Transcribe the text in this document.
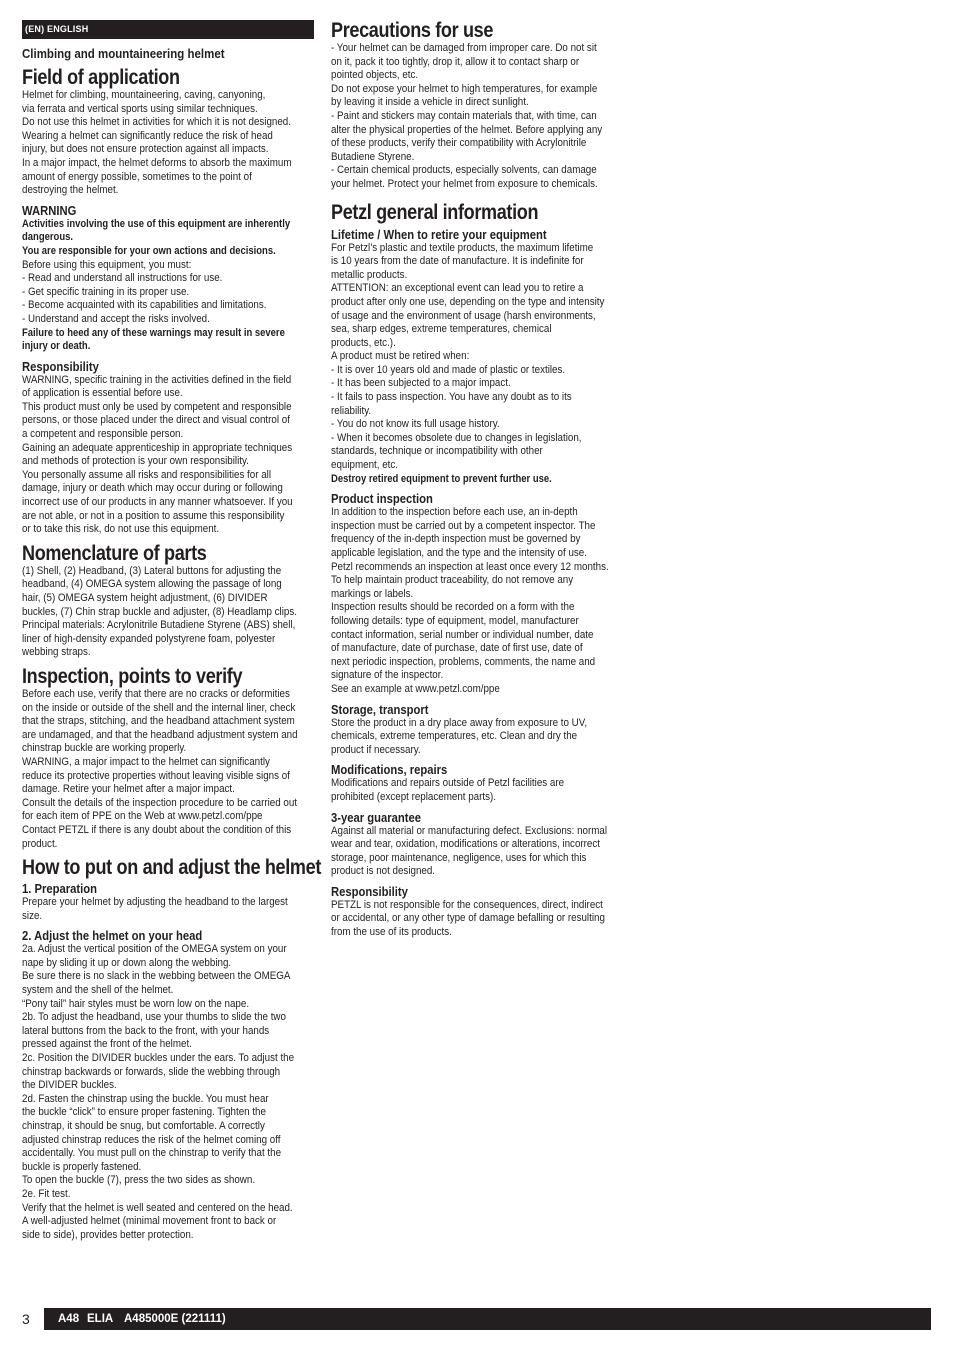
(EN) ENGLISH
Climbing and mountaineering helmet
Field of application

Helmet for climbing, mountaineering, caving, canyoning,

via ferrata and vertical sports using similar techniques.

Do not use this helmet in activities for which it is not designed.

Wearing a helmet can significantly reduce the risk of head

injury, but does not ensure protection against all impacts.

In a major impact, the helmet deforms to absorb the maximum

amount of energy possible, sometimes to the point of

destroying the helmet.

WARNING

Activities involving the use of this equipment are inherently

dangerous.

You are responsible for your own actions and decisions.

Before using this equipment, you must:

- Read and understand all instructions for use.

- Get specific training in its proper use.

- Become acquainted with its capabilities and limitations.

- Understand and accept the risks involved.

Failure to heed any of these warnings may result in severe

injury or death.

Responsibility

WARNING, specific training in the activities defined in the field

of application is essential before use.

This product must only be used by competent and responsible

persons, or those placed under the direct and visual control of

a competent and responsible person.

Gaining an adequate apprenticeship in appropriate techniques

and methods of protection is your own responsibility.

You personally assume all risks and responsibilities for all

damage, injury or death which may occur during or following

incorrect use of our products in any manner whatsoever. If you

are not able, or not in a position to assume this responsibility

or to take this risk, do not use this equipment.

Nomenclature of parts

(1) Shell, (2) Headband, (3) Lateral buttons for adjusting the

headband, (4) OMEGA system allowing the passage of long

hair, (5) OMEGA system height adjustment, (6) DIVIDER

buckles, (7) Chin strap buckle and adjuster, (8) Headlamp clips.

Principal materials: Acrylonitrile Butadiene Styrene (ABS) shell,

liner of high-density expanded polystyrene foam, polyester

webbing straps.

Inspection, points to verify

Before each use, verify that there are no cracks or deformities

on the inside or outside of the shell and the internal liner, check

that the straps, stitching, and the headband attachment system

are undamaged, and that the headband adjustment system and

chinstrap buckle are working properly.

WARNING, a major impact to the helmet can significantly

reduce its protective properties without leaving visible signs of

damage. Retire your helmet after a major impact.

Consult the details of the inspection procedure to be carried out

for each item of PPE on the Web at www.petzl.com/ppe

Contact PETZL if there is any doubt about the condition of this

product.

How to put on and adjust the helmet
1. Preparation

Prepare your helmet by adjusting the headband to the largest

size.

2. Adjust the helmet on your head

2a. Adjust the vertical position of the OMEGA system on your

nape by sliding it up or down along the webbing.

Be sure there is no slack in the webbing between the OMEGA

system and the shell of the helmet.

“Pony tail” hair styles must be worn low on the nape.

2b. To adjust the headband, use your thumbs to slide the two

lateral buttons from the back to the front, with your hands

pressed against the front of the helmet.

2c. Position the DIVIDER buckles under the ears. To adjust the

chinstrap backwards or forwards, slide the webbing through

the DIVIDER buckles.

2d. Fasten the chinstrap using the buckle. You must hear

the buckle “click” to ensure proper fastening. Tighten the

chinstrap, it should be snug, but comfortable. A correctly

adjusted chinstrap reduces the risk of the helmet coming off

accidentally. You must pull on the chinstrap to verify that the

buckle is properly fastened.

To open the buckle (7), press the two sides as shown.

2e. Fit test.

Verify that the helmet is well seated and centered on the head.

A well-adjusted helmet (minimal movement front to back or

side to side), provides better protection.

Precautions for use

- Your helmet can be damaged from improper care. Do not sit

on it, pack it too tightly, drop it, allow it to contact sharp or

pointed objects, etc.

Do not expose your helmet to high temperatures, for example

by leaving it inside a vehicle in direct sunlight.

- Paint and stickers may contain materials that, with time, can

alter the physical properties of the helmet. Before applying any

of these products, verify their compatibility with Acrylonitrile

Butadiene Styrene.

- Certain chemical products, especially solvents, can damage

your helmet. Protect your helmet from exposure to chemicals.

Petzl general information
Lifetime / When to retire your equipment

For Petzl’s plastic and textile products, the maximum lifetime

is 10 years from the date of manufacture. It is indefinite for

metallic products.

ATTENTION: an exceptional event can lead you to retire a

product after only one use, depending on the type and intensity

of usage and the environment of usage (harsh environments,

sea, sharp edges, extreme temperatures, chemical

products, etc.).

A product must be retired when:

- It is over 10 years old and made of plastic or textiles.

- It has been subjected to a major impact.

- It fails to pass inspection. You have any doubt as to its

reliability.

- You do not know its full usage history.

- When it becomes obsolete due to changes in legislation,

standards, technique or incompatibility with other

equipment, etc.

Destroy retired equipment to prevent further use.

Product inspection

In addition to the inspection before each use, an in-depth

inspection must be carried out by a competent inspector. The

frequency of the in-depth inspection must be governed by

applicable legislation, and the type and the intensity of use.

Petzl recommends an inspection at least once every 12 months.

To help maintain product traceability, do not remove any

markings or labels.

Inspection results should be recorded on a form with the

following details: type of equipment, model, manufacturer

contact information, serial number or individual number, date

of manufacture, date of purchase, date of first use, date of

next periodic inspection, problems, comments, the name and

signature of the inspector.

See an example at www.petzl.com/ppe

Storage, transport

Store the product in a dry place away from exposure to UV,

chemicals, extreme temperatures, etc. Clean and dry the

product if necessary.

Modifications, repairs

Modifications and repairs outside of Petzl facilities are

prohibited (except replacement parts).

3-year guarantee

Against all material or manufacturing defect. Exclusions: normal

wear and tear, oxidation, modifications or alterations, incorrect

storage, poor maintenance, negligence, uses for which this

product is not designed.

Responsibility

PETZL is not responsible for the consequences, direct, indirect

or accidental, or any other type of damage befalling or resulting

from the use of its products.

3 A48 ELIA A485000E (221111)
